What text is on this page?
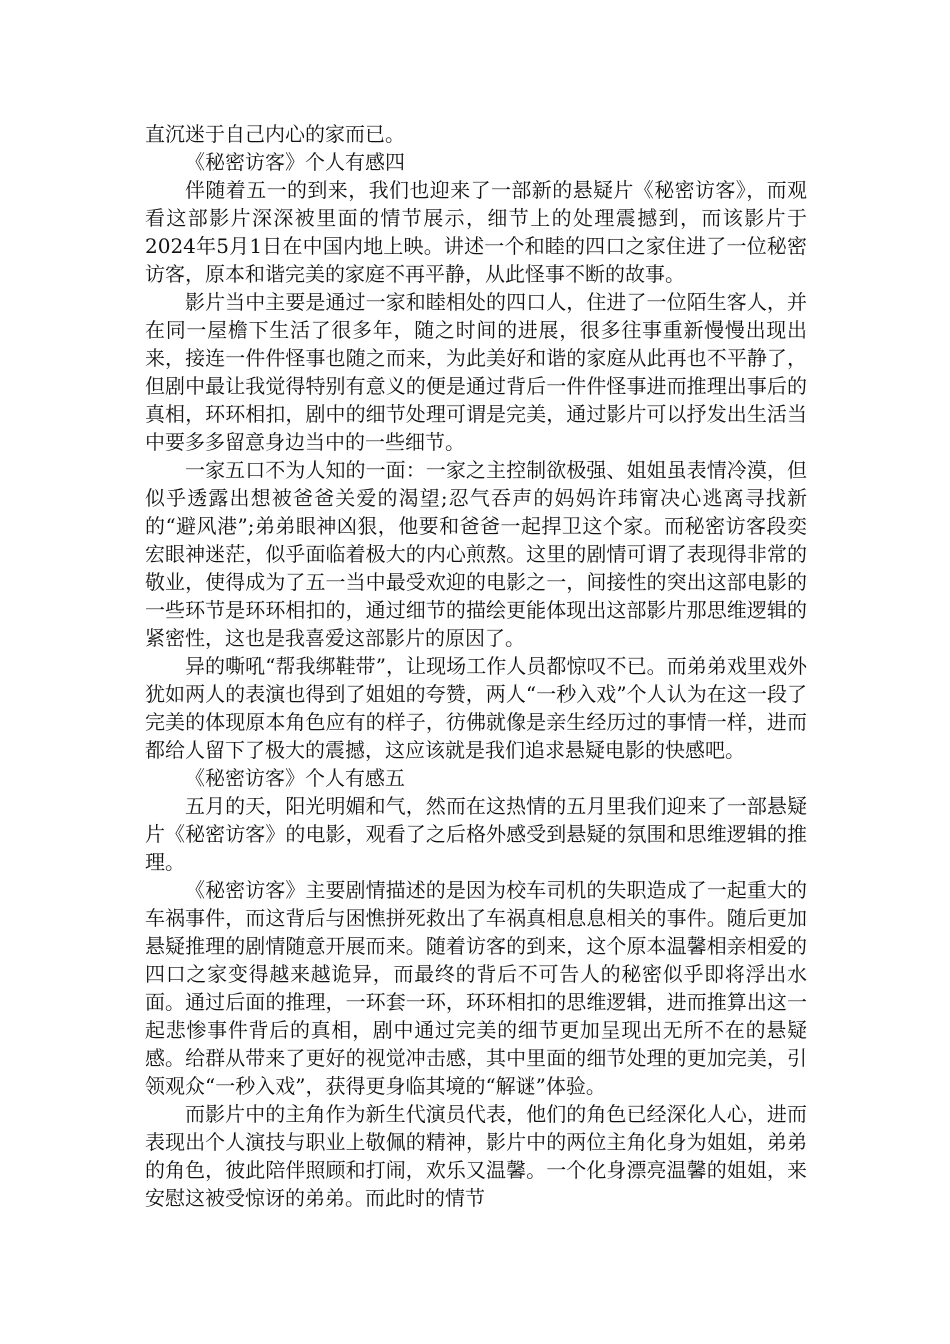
直沉迷于自己内心的家而已。

《秘密访客》个人有感四

伴随着五一的到来，我们也迎来了一部新的悬疑片《秘密访客》，而观看这部影片深深被里面的情节展示，细节上的处理震撼到，而该影片于2024年5月1日在中国内地上映。讲述一个和睦的四口之家住进了一位秘密访客，原本和谐完美的家庭不再平静，从此怪事不断的故事。

影片当中主要是通过一家和睦相处的四口人，住进了一位陌生客人，并在同一屋檐下生活了很多年，随之时间的进展，很多往事重新慢慢出现出来，接连一件件怪事也随之而来，为此美好和谐的家庭从此再也不平静了，但剧中最让我觉得特别有意义的便是通过背后一件件怪事进而推理出事后的真相，环环相扣，剧中的细节处理可谓是完美，通过影片可以抒发出生活当中要多多留意身边当中的一些细节。

一家五口不为人知的一面：一家之主控制欲极强、姐姐虽表情冷漠，但似乎透露出想被爸爸关爱的渴望;忍气吞声的妈妈许玮甯决心逃离寻找新的“避风港”;弟弟眼神凶狠，他要和爸爸一起捍卫这个家。而秘密访客段奕宏眼神迷茫，似乎面临着极大的内心煎熬。这里的剧情可谓了表现得非常的敬业，使得成为了五一当中最受欢迎的电影之一，间接性的突出这部电影的一些环节是环环相扣的，通过细节的描绘更能体现出这部影片那思维逻辑的紧密性，这也是我喜爱这部影片的原因了。

异的嘶吼“帮我绑鞋带”，让现场工作人员都惊叹不已。而弟弟戏里戏外犹如两人的表演也得到了姐姐的夸赞，两人“一秒入戏”个人认为在这一段了完美的体现原本角色应有的样子，彷佛就像是亲生经历过的事情一样，进而都给人留下了极大的震撼，这应该就是我们追求悬疑电影的快感吧。

《秘密访客》个人有感五

五月的天，阳光明媚和气，然而在这热情的五月里我们迎来了一部悬疑片《秘密访客》的电影，观看了之后格外感受到悬疑的氛围和思维逻辑的推理。

《秘密访客》主要剧情描述的是因为校车司机的失职造成了一起重大的车祸事件，而这背后与困憔拼死救出了车祸真相息息相关的事件。随后更加悬疑推理的剧情随意开展而来。随着访客的到来，这个原本温馨相亲相爱的四口之家变得越来越诡异，而最终的背后不可告人的秘密似乎即将浮出水面。通过后面的推理，一环套一环，环环相扣的思维逻辑，进而推算出这一起悲惨事件背后的真相，剧中通过完美的细节更加呈现出无所不在的悬疑感。给群从带来了更好的视觉冲击感，其中里面的细节处理的更加完美，引领观众“一秒入戏”，获得更身临其境的“解谜”体验。

而影片中的主角作为新生代演员代表，他们的角色已经深化人心，进而表现出个人演技与职业上敬佩的精神，影片中的两位主角化身为姐姐，弟弟的角色，彼此陪伴照顾和打闹，欢乐又温馨。一个化身漂亮温馨的姐姐，来安慰这被受惊讶的弟弟。而此时的情节
